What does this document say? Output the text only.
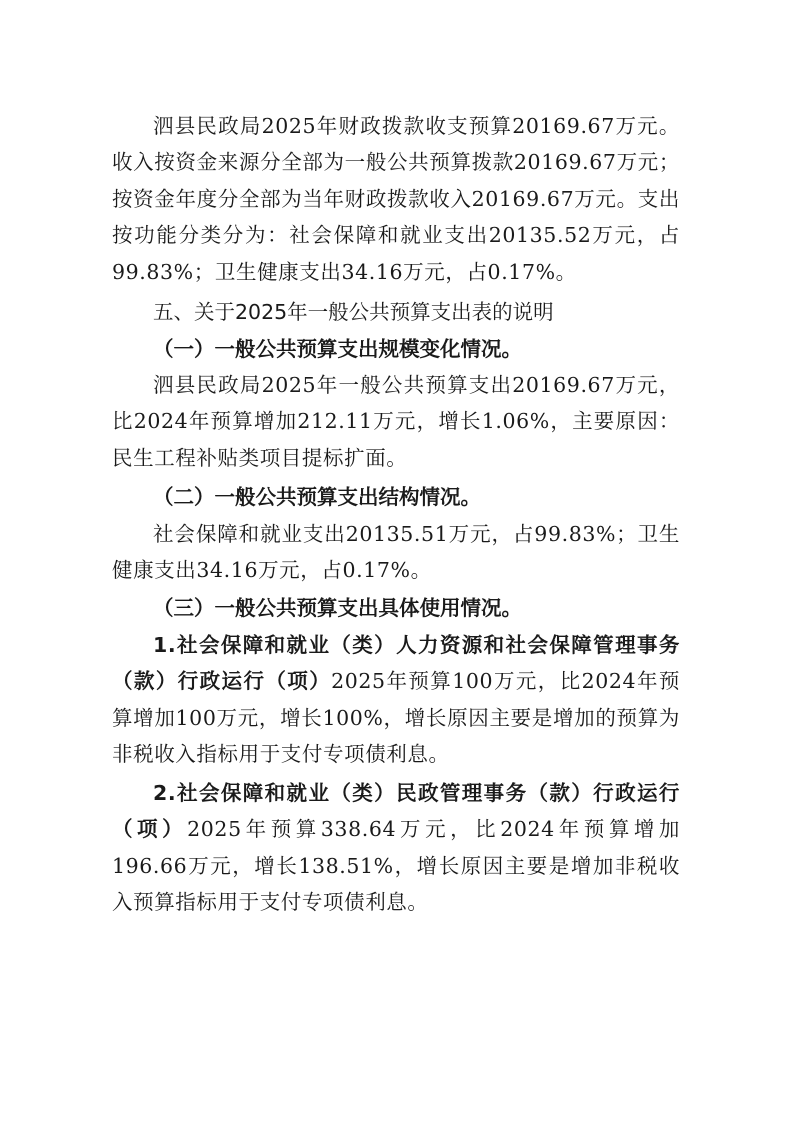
泗县民政局2025年财政拨款收支预算20169.67万元。收入按资金来源分全部为一般公共预算拨款20169.67万元；按资金年度分全部为当年财政拨款收入20169.67万元。支出按功能分类分为：社会保障和就业支出20135.52万元，占99.83%；卫生健康支出34.16万元，占0.17%。

五、关于2025年一般公共预算支出表的说明

（一）一般公共预算支出规模变化情况。

泗县民政局2025年一般公共预算支出20169.67万元，比2024年预算增加212.11万元，增长1.06%，主要原因：民生工程补贴类项目提标扩面。

（二）一般公共预算支出结构情况。

社会保障和就业支出20135.51万元，占99.83%；卫生健康支出34.16万元，占0.17%。

（三）一般公共预算支出具体使用情况。

1.社会保障和就业（类）人力资源和社会保障管理事务（款）行政运行（项）2025年预算100万元，比2024年预算增加100万元，增长100%，增长原因主要是增加的预算为非税收入指标用于支付专项债利息。

2.社会保障和就业（类）民政管理事务（款）行政运行（项）2025年预算338.64万元，比2024年预算增加196.66万元，增长138.51%，增长原因主要是增加非税收入预算指标用于支付专项债利息。
